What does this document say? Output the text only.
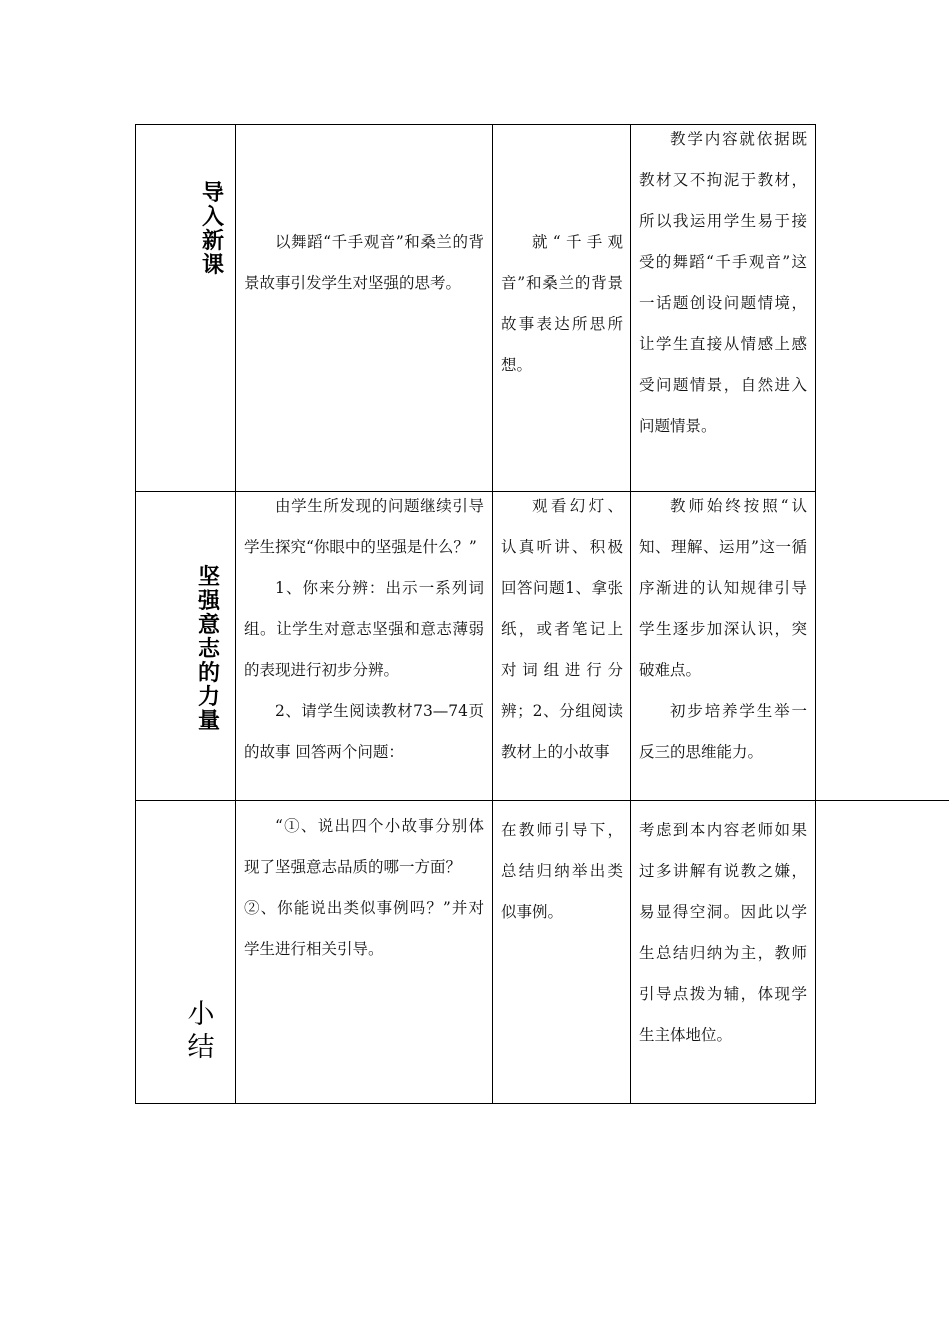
导入新课

以舞蹈“千手观音”和桑兰的背景故事引发学生对坚强的思考。

就“千手观音”和桑兰的背景故事表达所思所想。

教学内容就依据既教材又不拘泥于教材，所以我运用学生易于接受的舞蹈“千手观音”这一话题创设问题情境，让学生直接从情感上感受问题情景，自然进入问题情景。

坚强意志的力量

由学生所发现的问题继续引导学生探究“你眼中的坚强是什么？”

1、你来分辨：出示一系列词组。让学生对意志坚强和意志薄弱的表现进行初步分辨。

2、请学生阅读教材73—74页的故事 回答两个问题：

观看幻灯、认真听讲、积极回答问题1、拿张纸，或者笔记上对词组进行分辨；2、分组阅读教材上的小故事

教师始终按照“认知、理解、运用”这一循序渐进的认知规律引导学生逐步加深认识，突破难点。

初步培养学生举一反三的思维能力。

小结

“①、说出四个小故事分别体现了坚强意志品质的哪一方面？

②、你能说出类似事例吗？”并对学生进行相关引导。

在教师引导下，总结归纳举出类似事例。

考虑到本内容老师如果过多讲解有说教之嫌，易显得空洞。因此以学生总结归纳为主，教师引导点拨为辅，体现学生主体地位。
